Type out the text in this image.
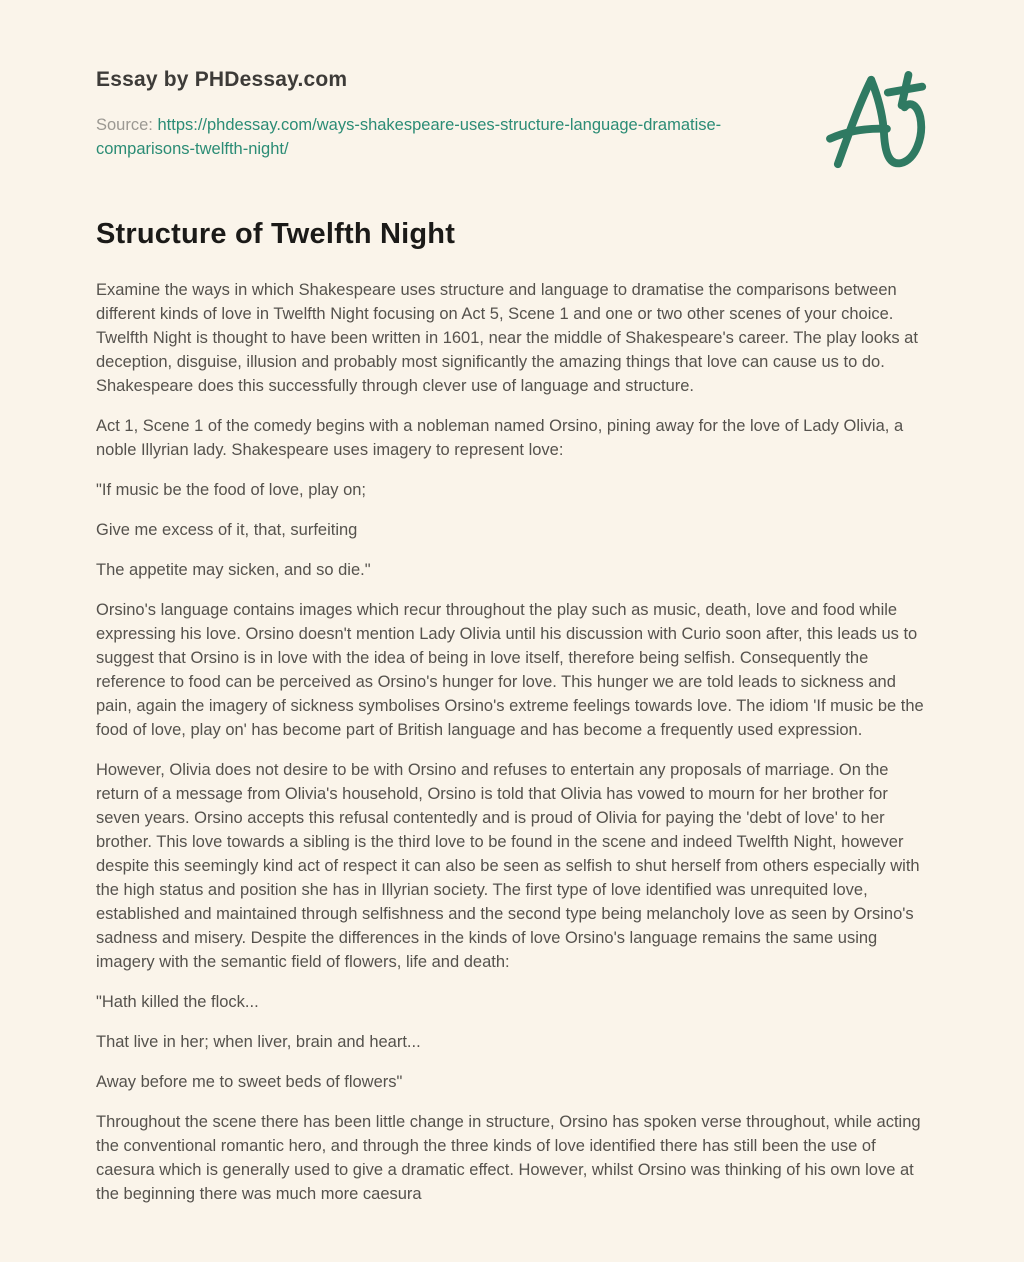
Essay by PHDessay.com

Source: https://phdessay.com/ways-shakespeare-uses-structure-language-dramatise-comparisons-twelfth-night/

Structure of Twelfth Night

Examine the ways in which Shakespeare uses structure and language to dramatise the comparisons between different kinds of love in Twelfth Night focusing on Act 5, Scene 1 and one or two other scenes of your choice. Twelfth Night is thought to have been written in 1601, near the middle of Shakespeare's career. The play looks at deception, disguise, illusion and probably most significantly the amazing things that love can cause us to do. Shakespeare does this successfully through clever use of language and structure.

Act 1, Scene 1 of the comedy begins with a nobleman named Orsino, pining away for the love of Lady Olivia, a noble Illyrian lady. Shakespeare uses imagery to represent love:

"If music be the food of love, play on;

Give me excess of it, that, surfeiting

The appetite may sicken, and so die."

Orsino's language contains images which recur throughout the play such as music, death, love and food while expressing his love. Orsino doesn't mention Lady Olivia until his discussion with Curio soon after, this leads us to suggest that Orsino is in love with the idea of being in love itself, therefore being selfish. Consequently the reference to food can be perceived as Orsino's hunger for love. This hunger we are told leads to sickness and pain, again the imagery of sickness symbolises Orsino's extreme feelings towards love. The idiom 'If music be the food of love, play on' has become part of British language and has become a frequently used expression.

However, Olivia does not desire to be with Orsino and refuses to entertain any proposals of marriage. On the return of a message from Olivia's household, Orsino is told that Olivia has vowed to mourn for her brother for seven years. Orsino accepts this refusal contentedly and is proud of Olivia for paying the 'debt of love' to her brother. This love towards a sibling is the third love to be found in the scene and indeed Twelfth Night, however despite this seemingly kind act of respect it can also be seen as selfish to shut herself from others especially with the high status and position she has in Illyrian society. The first type of love identified was unrequited love, established and maintained through selfishness and the second type being melancholy love as seen by Orsino's sadness and misery. Despite the differences in the kinds of love Orsino's language remains the same using imagery with the semantic field of flowers, life and death:

"Hath killed the flock...

That live in her; when liver, brain and heart...

Away before me to sweet beds of flowers"

Throughout the scene there has been little change in structure, Orsino has spoken verse throughout, while acting the conventional romantic hero, and through the three kinds of love identified there has still been the use of caesura which is generally used to give a dramatic effect. However, whilst Orsino was thinking of his own love at the beginning there was much more caesura
